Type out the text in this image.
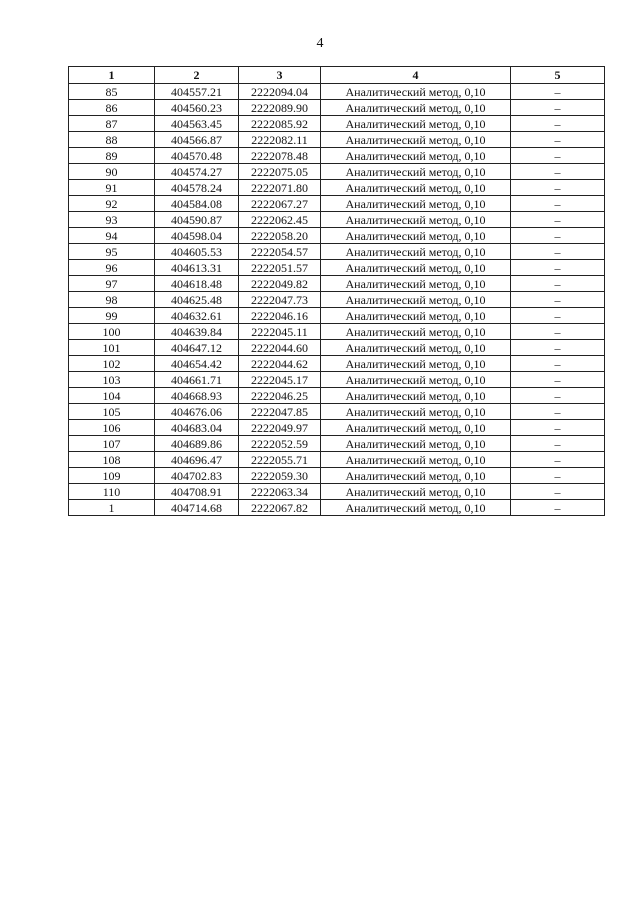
4
1	2	3	4	5
85	404557.21	2222094.04	Аналитический метод, 0,10	–
86	404560.23	2222089.90	Аналитический метод, 0,10	–
87	404563.45	2222085.92	Аналитический метод, 0,10	–
88	404566.87	2222082.11	Аналитический метод, 0,10	–
89	404570.48	2222078.48	Аналитический метод, 0,10	–
90	404574.27	2222075.05	Аналитический метод, 0,10	–
91	404578.24	2222071.80	Аналитический метод, 0,10	–
92	404584.08	2222067.27	Аналитический метод, 0,10	–
93	404590.87	2222062.45	Аналитический метод, 0,10	–
94	404598.04	2222058.20	Аналитический метод, 0,10	–
95	404605.53	2222054.57	Аналитический метод, 0,10	–
96	404613.31	2222051.57	Аналитический метод, 0,10	–
97	404618.48	2222049.82	Аналитический метод, 0,10	–
98	404625.48	2222047.73	Аналитический метод, 0,10	–
99	404632.61	2222046.16	Аналитический метод, 0,10	–
100	404639.84	2222045.11	Аналитический метод, 0,10	–
101	404647.12	2222044.60	Аналитический метод, 0,10	–
102	404654.42	2222044.62	Аналитический метод, 0,10	–
103	404661.71	2222045.17	Аналитический метод, 0,10	–
104	404668.93	2222046.25	Аналитический метод, 0,10	–
105	404676.06	2222047.85	Аналитический метод, 0,10	–
106	404683.04	2222049.97	Аналитический метод, 0,10	–
107	404689.86	2222052.59	Аналитический метод, 0,10	–
108	404696.47	2222055.71	Аналитический метод, 0,10	–
109	404702.83	2222059.30	Аналитический метод, 0,10	–
110	404708.91	2222063.34	Аналитический метод, 0,10	–
1	404714.68	2222067.82	Аналитический метод, 0,10	–
